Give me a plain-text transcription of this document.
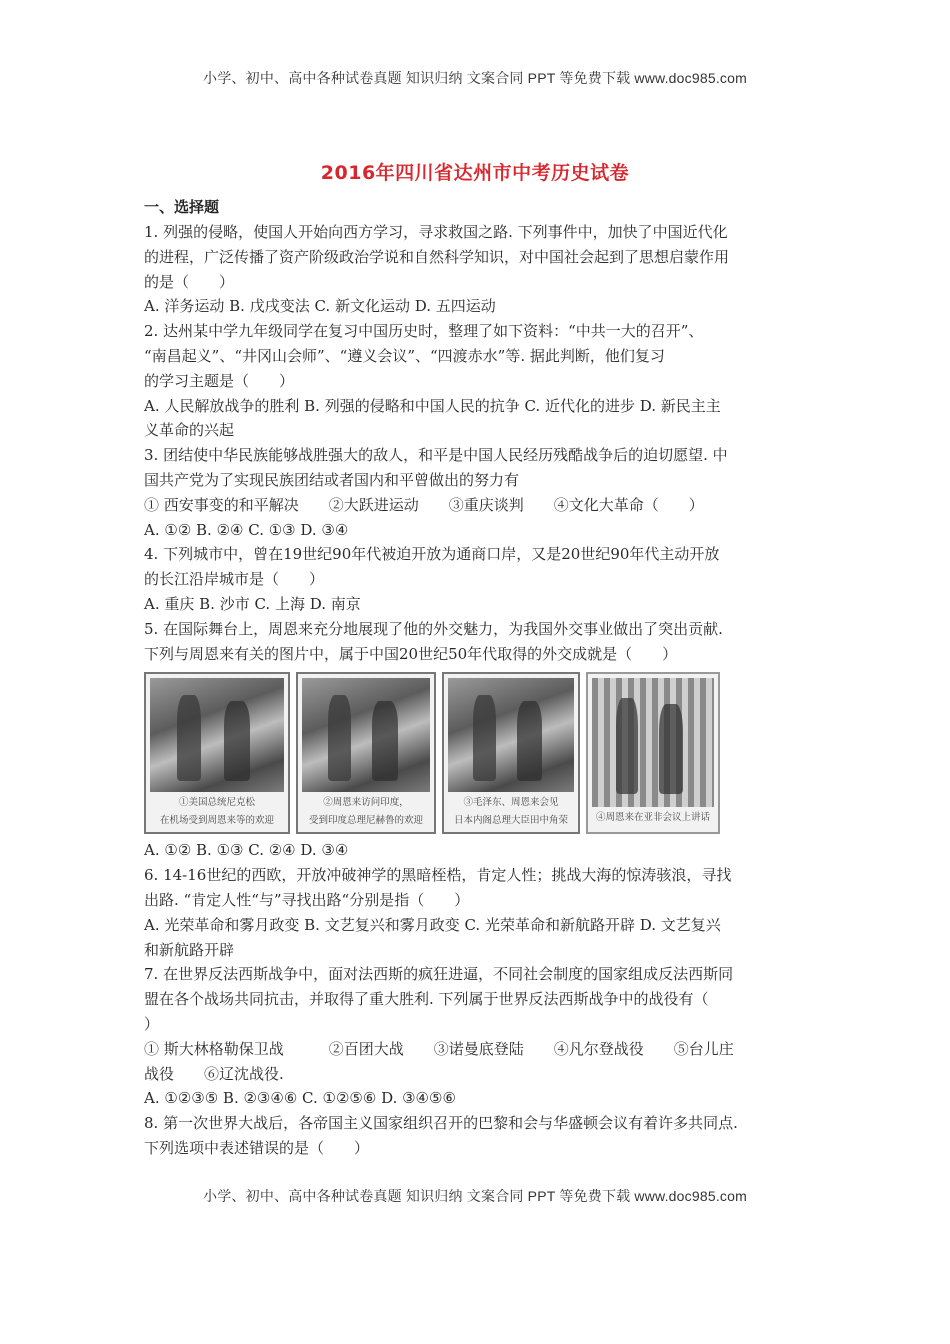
小学、初中、高中各种试卷真题 知识归纳 文案合同 PPT 等免费下载 www.doc985.com
2016年四川省达州市中考历史试卷
一、选择题
1. 列强的侵略，使国人开始向西方学习，寻求救国之路. 下列事件中，加快了中国近代化
的进程，广泛传播了资产阶级政治学说和自然科学知识，对中国社会起到了思想启蒙作用
的是（　　）
A. 洋务运动 B. 戊戌变法 C. 新文化运动 D. 五四运动
2. 达州某中学九年级同学在复习中国历史时，整理了如下资料：“中共一大的召开”、
“南昌起义”、“井冈山会师”、“遵义会议”、“四渡赤水”等. 据此判断，他们复习
的学习主题是（　　）
A. 人民解放战争的胜利 B. 列强的侵略和中国人民的抗争 C. 近代化的进步 D. 新民主主
义革命的兴起
3. 团结使中华民族能够战胜强大的敌人，和平是中国人民经历残酷战争后的迫切愿望. 中
国共产党为了实现民族团结或者国内和平曾做出的努力有
① 西安事变的和平解决　　②大跃进运动　　③重庆谈判　　④文化大革命（　　）
A. ①② B. ②④ C. ①③ D. ③④
4. 下列城市中，曾在19世纪90年代被迫开放为通商口岸，又是20世纪90年代主动开放
的长江沿岸城市是（　　）
A. 重庆 B. 沙市 C. 上海 D. 南京
5. 在国际舞台上，周恩来充分地展现了他的外交魅力，为我国外交事业做出了突出贡献.
下列与周恩来有关的图片中，属于中国20世纪50年代取得的外交成就是（　　）
①美国总统尼克松
在机场受到周恩来等的欢迎
②周恩来访问印度，
受到印度总理尼赫鲁的欢迎
③毛泽东、周恩来会见
日本内阁总理大臣田中角荣	④周恩来在亚非会议上讲话
A. ①② B. ①③ C. ②④ D. ③④
6. 14-16世纪的西欧，开放冲破神学的黑暗桎梏，肯定人性；挑战大海的惊涛骇浪，寻找
出路. “肯定人性“与”寻找出路“分别是指（　　）
A. 光荣革命和雾月政变 B. 文艺复兴和雾月政变 C. 光荣革命和新航路开辟 D. 文艺复兴
和新航路开辟
7. 在世界反法西斯战争中，面对法西斯的疯狂进逼，不同社会制度的国家组成反法西斯同
盟在各个战场共同抗击，并取得了重大胜利. 下列属于世界反法西斯战争中的战役有（
）
① 斯大林格勒保卫战　　　②百团大战　　③诺曼底登陆　　④凡尔登战役　　⑤台儿庄
战役　　⑥辽沈战役.
A. ①②③⑤ B. ②③④⑥ C. ①②⑤⑥ D. ③④⑤⑥
8. 第一次世界大战后，各帝国主义国家组织召开的巴黎和会与华盛顿会议有着许多共同点.
下列选项中表述错误的是（　　）
小学、初中、高中各种试卷真题 知识归纳 文案合同 PPT 等免费下载 www.doc985.com
